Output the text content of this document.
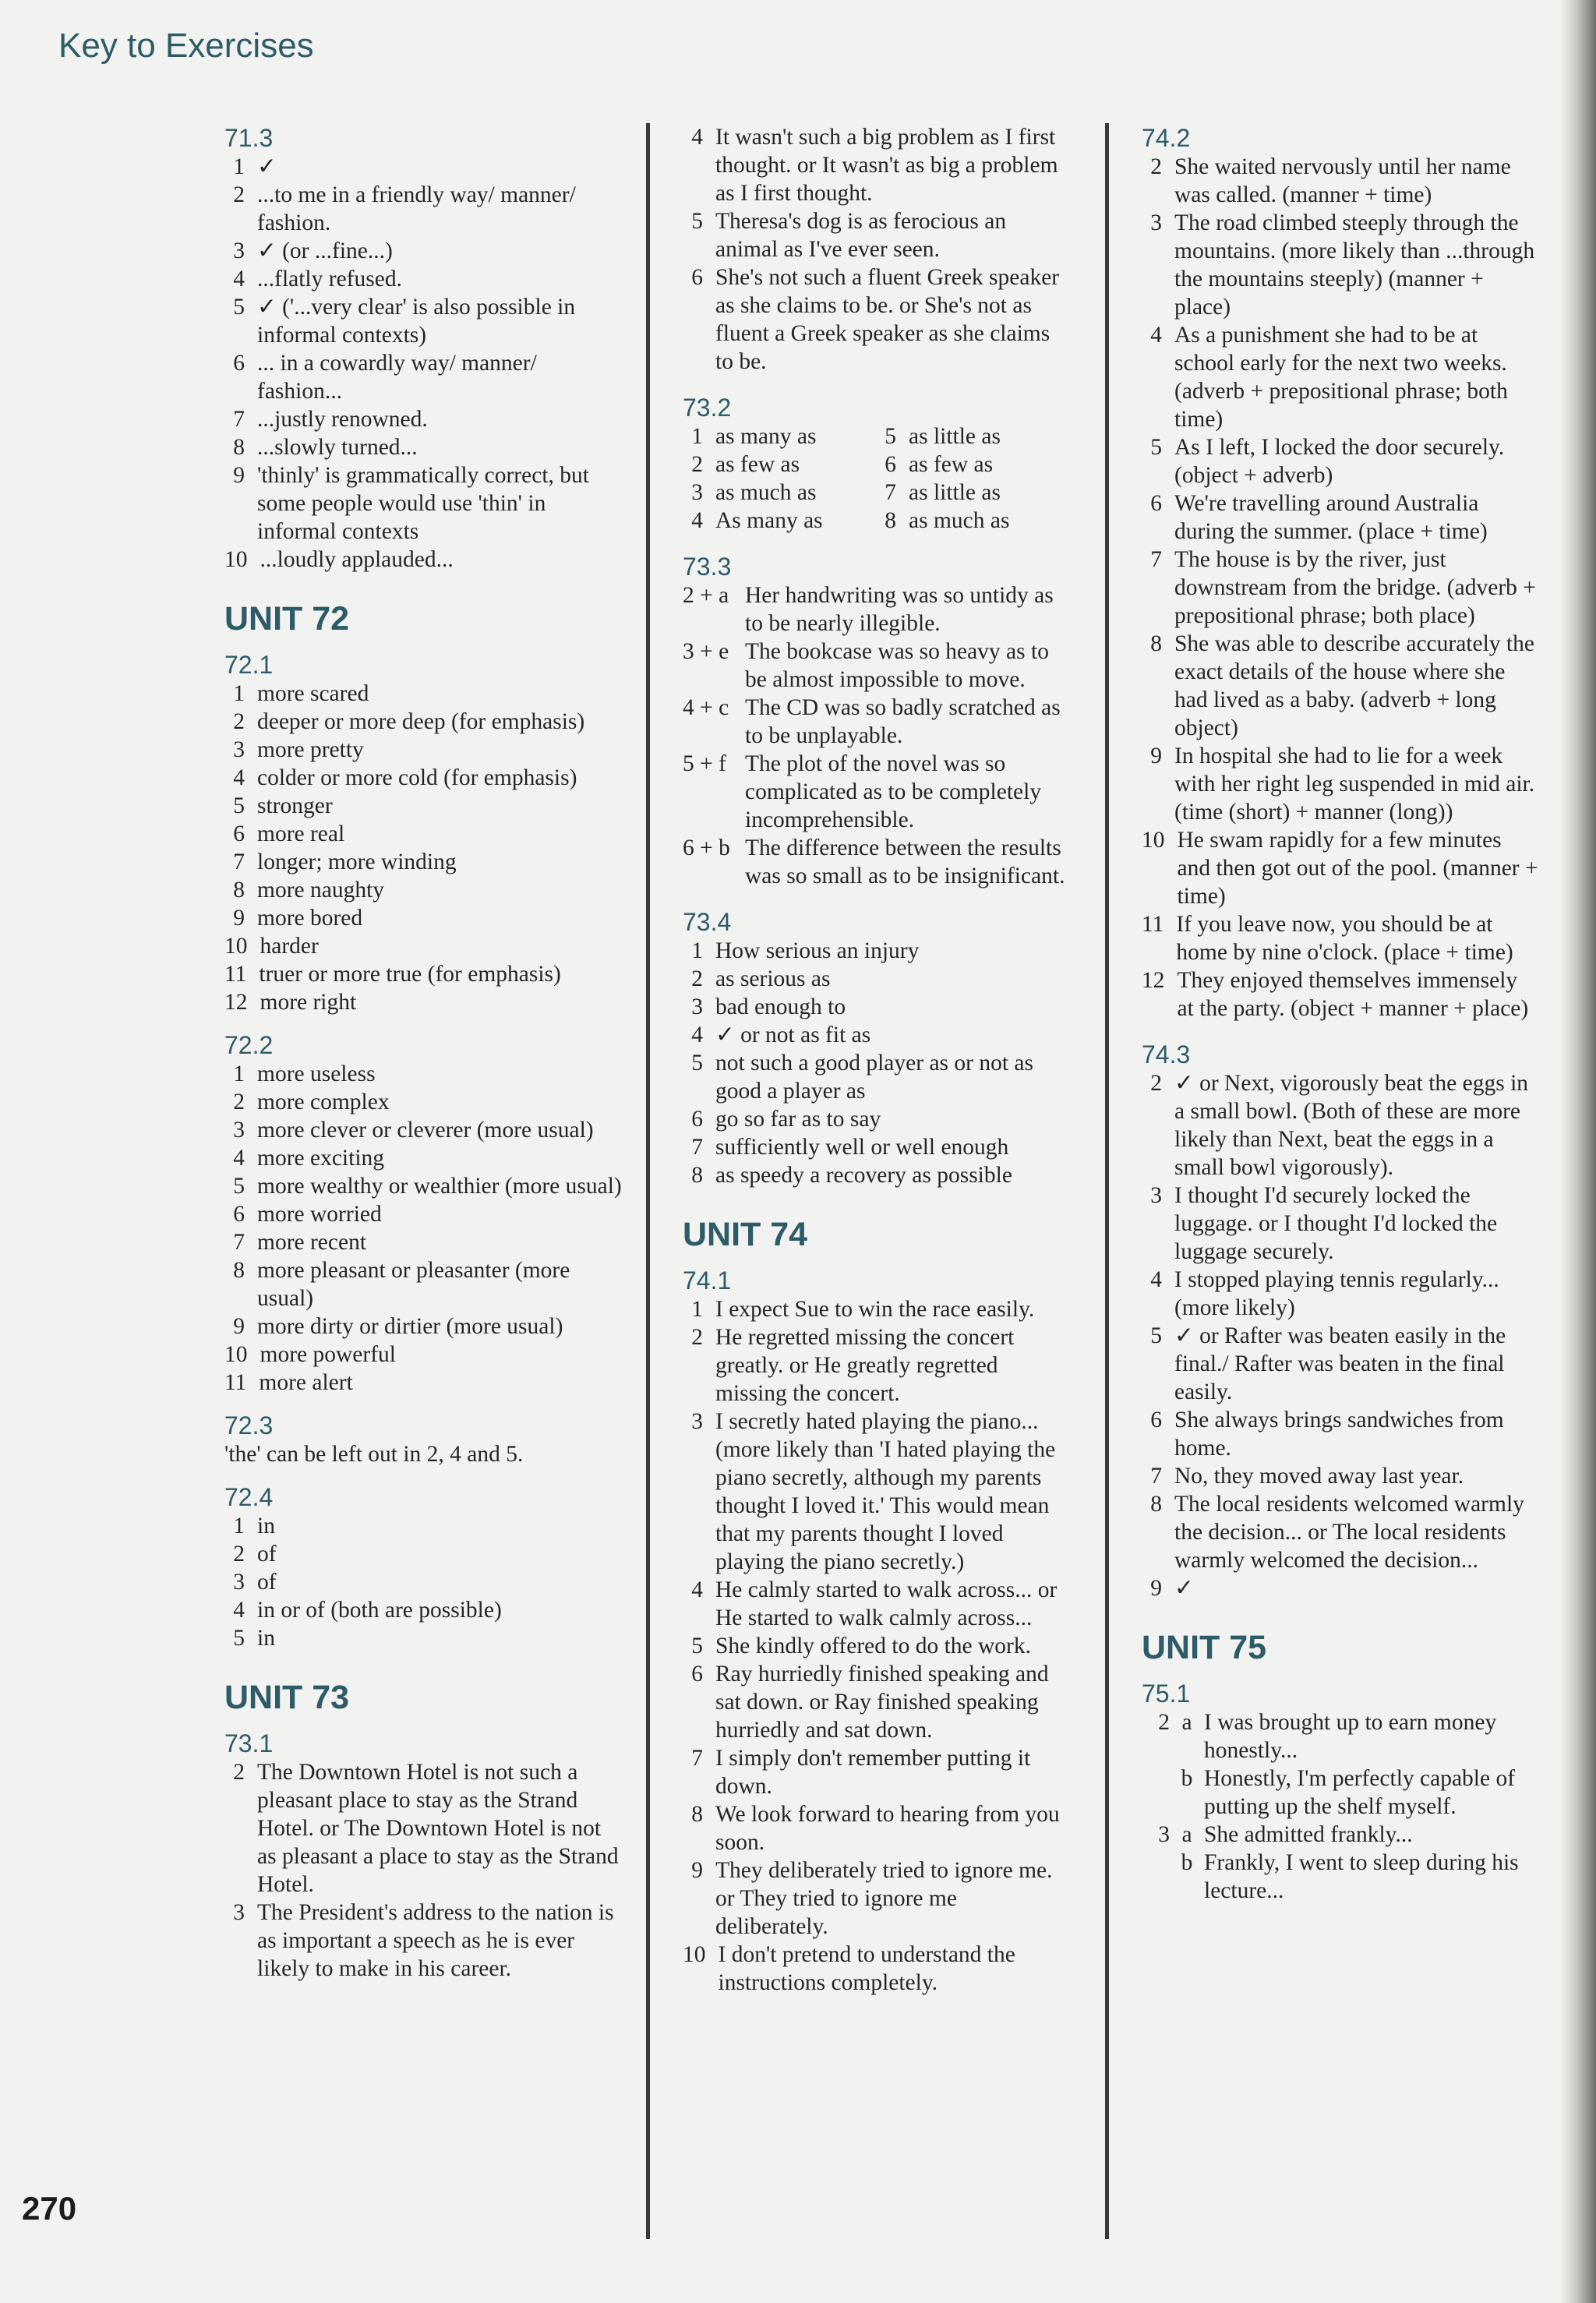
Key to Exercises
71.3
1 ✓
2 ...to me in a friendly way/ manner/ fashion.
3 ✓ (or ...fine...)
4 ...flatly refused.
5 ✓ ('...very clear' is also possible in informal contexts)
6 ... in a cowardly way/ manner/ fashion...
7 ...justly renowned.
8 ...slowly turned...
9 'thinly' is grammatically correct, but some people would use 'thin' in informal contexts
10 ...loudly applauded...
UNIT 72
72.1
1 more scared
2 deeper or more deep (for emphasis)
3 more pretty
4 colder or more cold (for emphasis)
5 stronger
6 more real
7 longer; more winding
8 more naughty
9 more bored
10 harder
11 truer or more true (for emphasis)
12 more right
72.2
1 more useless
2 more complex
3 more clever or cleverer (more usual)
4 more exciting
5 more wealthy or wealthier (more usual)
6 more worried
7 more recent
8 more pleasant or pleasanter (more usual)
9 more dirty or dirtier (more usual)
10 more powerful
11 more alert
72.3

'the' can be left out in 2, 4 and 5.

72.4
1 in
2 of
3 of
4 in or of (both are possible)
5 in
UNIT 73
73.1
2 The Downtown Hotel is not such a pleasant place to stay as the Strand Hotel. or The Downtown Hotel is not as pleasant a place to stay as the Strand Hotel.
3 The President's address to the nation is as important a speech as he is ever likely to make in his career.
4 It wasn't such a big problem as I first thought. or It wasn't as big a problem as I first thought.
5 Theresa's dog is as ferocious an animal as I've ever seen.
6 She's not such a fluent Greek speaker as she claims to be. or She's not as fluent a Greek speaker as she claims to be.
73.2
1 as many as	5 as little as
2 as few as	6 as few as
3 as much as	7 as little as
4 As many as	8 as much as
73.3
2 + a Her handwriting was so untidy as to be nearly illegible.
3 + e The bookcase was so heavy as to be almost impossible to move.
4 + c The CD was so badly scratched as to be unplayable.
5 + f The plot of the novel was so complicated as to be completely incomprehensible.
6 + b The difference between the results was so small as to be insignificant.
73.4
1 How serious an injury
2 as serious as
3 bad enough to
4 ✓ or not as fit as
5 not such a good player as or not as good a player as
6 go so far as to say
7 sufficiently well or well enough
8 as speedy a recovery as possible
UNIT 74
74.1
1 I expect Sue to win the race easily.
2 He regretted missing the concert greatly. or He greatly regretted missing the concert.
3 I secretly hated playing the piano... (more likely than 'I hated playing the piano secretly, although my parents thought I loved it.' This would mean that my parents thought I loved playing the piano secretly.)
4 He calmly started to walk across... or He started to walk calmly across...
5 She kindly offered to do the work.
6 Ray hurriedly finished speaking and sat down. or Ray finished speaking hurriedly and sat down.
7 I simply don't remember putting it down.
8 We look forward to hearing from you soon.
9 They deliberately tried to ignore me. or They tried to ignore me deliberately.
10 I don't pretend to understand the instructions completely.
74.2
2 She waited nervously until her name was called. (manner + time)
3 The road climbed steeply through the mountains. (more likely than ...through the mountains steeply) (manner + place)
4 As a punishment she had to be at school early for the next two weeks. (adverb + prepositional phrase; both time)
5 As I left, I locked the door securely. (object + adverb)
6 We're travelling around Australia during the summer. (place + time)
7 The house is by the river, just downstream from the bridge. (adverb + prepositional phrase; both place)
8 She was able to describe accurately the exact details of the house where she had lived as a baby. (adverb + long object)
9 In hospital she had to lie for a week with her right leg suspended in mid air. (time (short) + manner (long))
10 He swam rapidly for a few minutes and then got out of the pool. (manner + time)
11 If you leave now, you should be at home by nine o'clock. (place + time)
12 They enjoyed themselves immensely at the party. (object + manner + place)
74.3
2 ✓ or Next, vigorously beat the eggs in a small bowl. (Both of these are more likely than Next, beat the eggs in a small bowl vigorously).
3 I thought I'd securely locked the luggage. or I thought I'd locked the luggage securely.
4 I stopped playing tennis regularly... (more likely)
5 ✓ or Rafter was beaten easily in the final./ Rafter was beaten in the final easily.
6 She always brings sandwiches from home.
7 No, they moved away last year.
8 The local residents welcomed warmly the decision... or The local residents warmly welcomed the decision...
9 ✓
UNIT 75
75.1
2 a I was brought up to earn money honestly...
b Honestly, I'm perfectly capable of putting up the shelf myself.
3 a She admitted frankly...
b Frankly, I went to sleep during his lecture...
270
